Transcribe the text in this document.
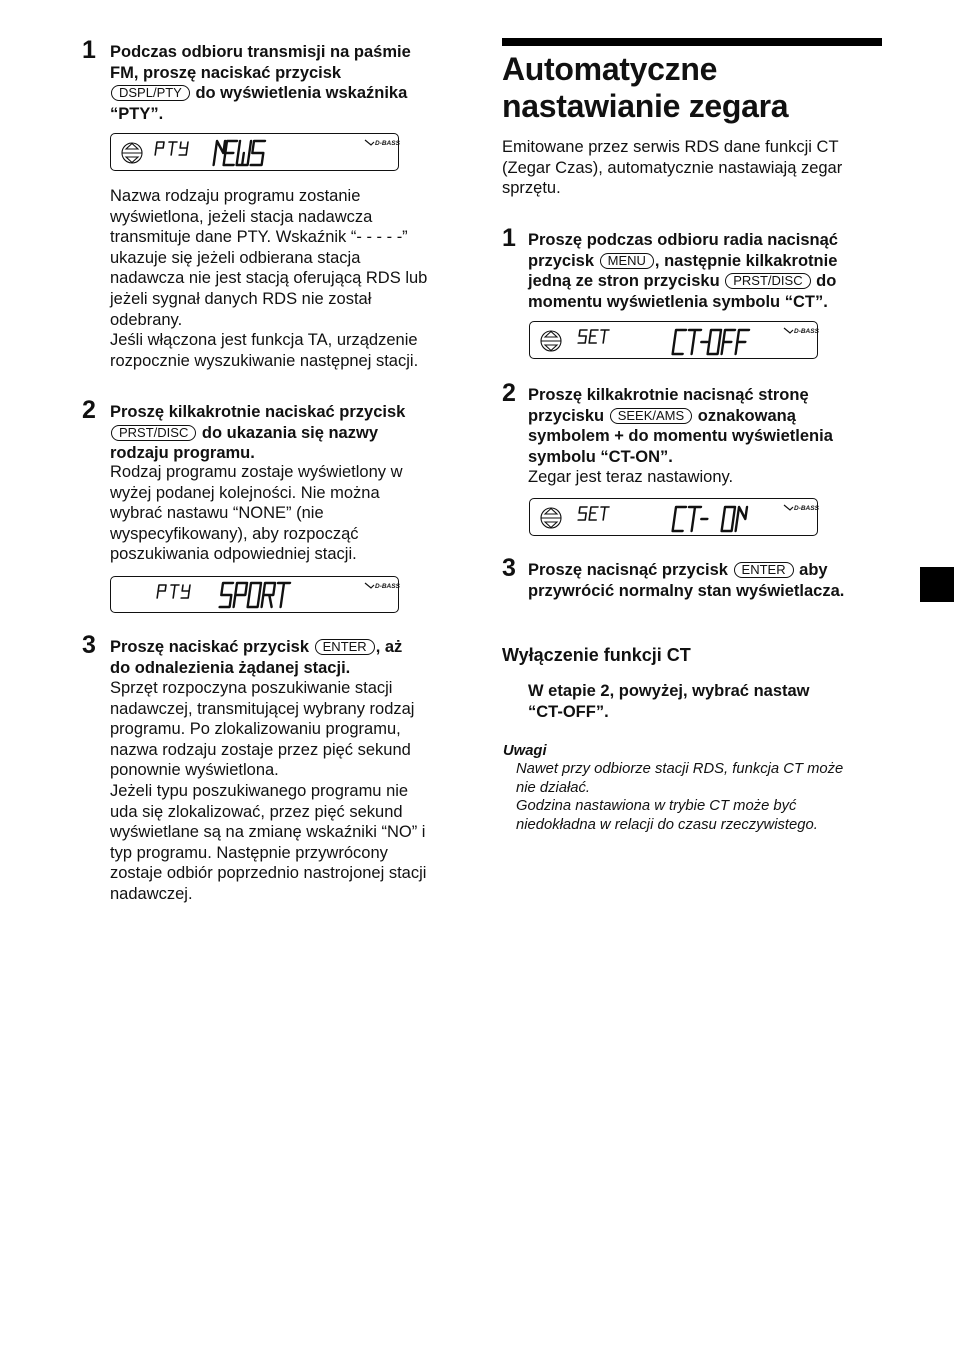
1 Podczas odbioru transmisji na paśmie
FM, proszę naciskać przycisk
DSPL/PTY do wyświetlenia wskaźnika
“PTY”.
D-BASS
Nazwa rodzaju programu zostanie
wyświetlona, jeżeli stacja nadawcza
transmituje dane PTY. Wskaźnik “- - - - -”
ukazuje się jeżeli odbierana stacja
nadawcza nie jest stacją oferującą RDS lub
jeżeli sygnał danych RDS nie został
odebrany.
Jeśli włączona jest funkcja TA, urządzenie
rozpocznie wyszukiwanie następnej stacji.
2 Proszę kilkakrotnie naciskać przycisk
PRST/DISC do ukazania się nazwy
rodzaju programu.
Rodzaj programu zostaje wyświetlony w
wyżej podanej kolejności. Nie można
wybrać nastawu “NONE” (nie
wyspecyfikowany), aby rozpocząć
poszukiwania odpowiedniej stacji.
D-BASS
3 Proszę naciskać przycisk ENTER , aż
do odnalezienia żądanej stacji.
Sprzęt rozpoczyna poszukiwanie stacji
nadawczej, transmitującej wybrany rodzaj
programu. Po zlokalizowaniu programu,
nazwa rodzaju zostaje przez pięć sekund
ponownie wyświetlona.
Jeżeli typu poszukiwanego programu nie
uda się zlokalizować, przez pięć sekund
wyświetlane są na zmianę wskaźniki “NO” i
typ programu. Następnie przywrócony
zostaje odbiór poprzednio nastrojonej stacji
nadawczej.
Automatyczne
nastawianie zegara
Emitowane przez serwis RDS dane funkcji CT
(Zegar Czas), automatycznie nastawiają zegar
sprzętu.
1 Proszę podczas odbioru radia nacisnąć
przycisk MENU , następnie kilkakrotnie
jedną ze stron przycisku PRST/DISC do
momentu wyświetlenia symbolu “CT”.
D-BASS
2 Proszę kilkakrotnie nacisnąć stronę
przycisku SEEK/AMS oznakowaną
symbolem + do momentu wyświetlenia
symbolu “CT-ON”.
Zegar jest teraz nastawiony.
D-BASS
3 Proszę nacisnąć przycisk ENTER aby
przywrócić normalny stan wyświetlacza.
Wyłączenie funkcji CT
W etapie 2, powyżej, wybrać nastaw
“CT-OFF”.
Uwagi
Nawet przy odbiorze stacji RDS, funkcja CT może
nie działać.
Godzina nastawiona w trybie CT może być
niedokładna w relacji do czasu rzeczywistego.
